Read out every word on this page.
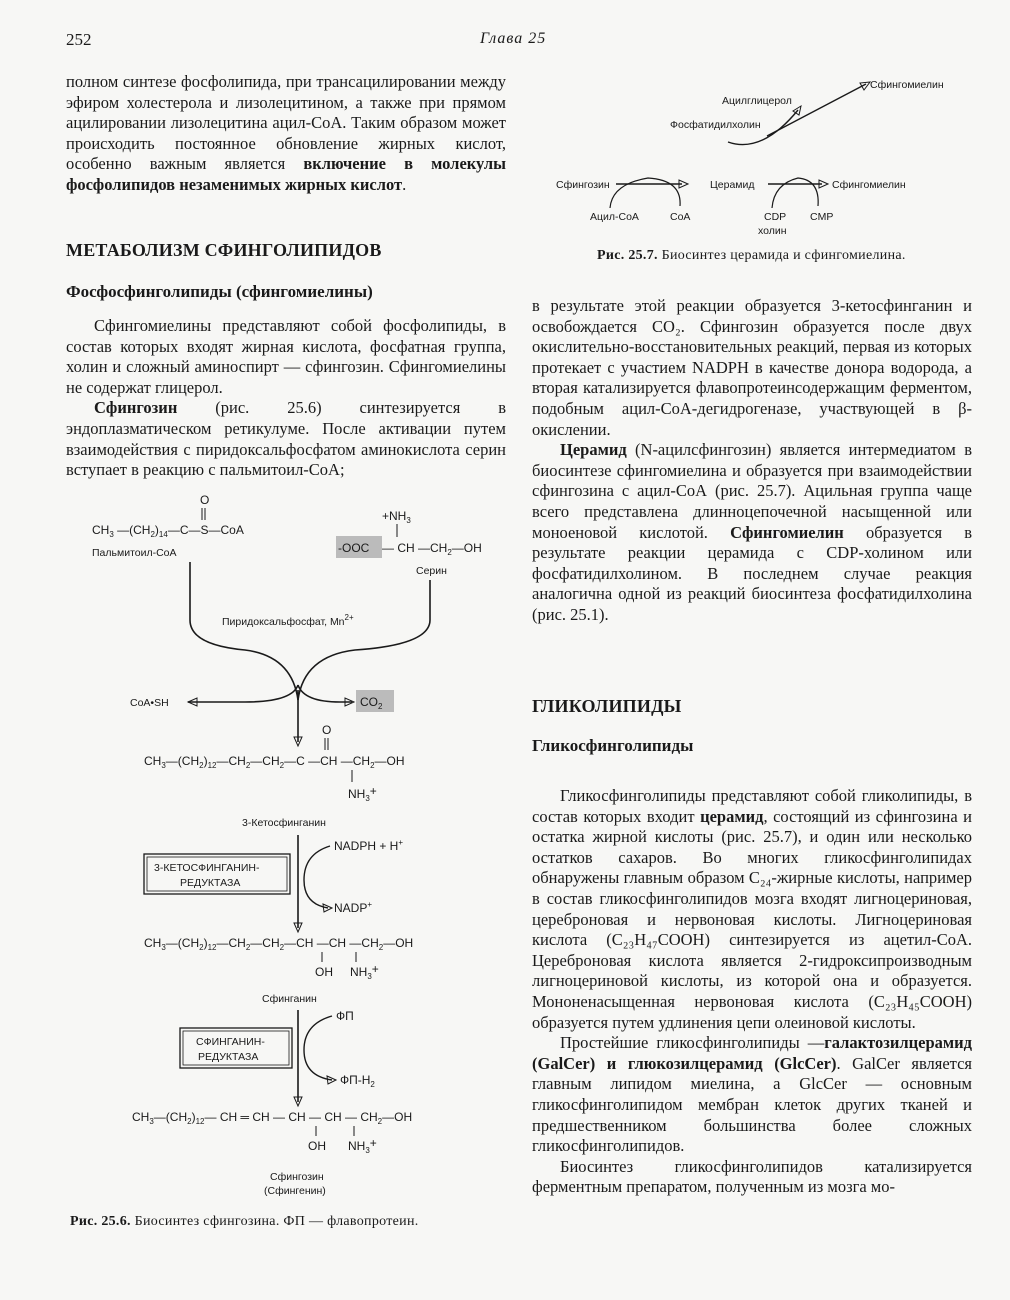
252	Глава 25

полном синтезе фосфолипида, при трансацилировании между эфиром холестерола и лизолецитином, а также при прямом ацилировании лизолецитина ацил-СоА. Таким образом может происходить постоянное обновление жирных кислот, особенно важным является включение в молекулы фосфолипидов незаменимых жирных кислот.

МЕТАБОЛИЗМ СФИНГОЛИПИДОВ
Фосфосфинголипиды (сфингомиелины)

Сфингомиелины представляют собой фосфолипиды, в состав которых входят жирная кислота, фосфатная группа, холин и сложный аминоспирт — сфингозин. Сфингомиелины не содержат глицерол.

Сфингозин (рис. 25.6) синтезируется в эндоплазматическом ретикулуме. После активации путем взаимодействия с пиридоксальфосфатом аминокислота серин вступает в реакцию с пальмитоил-СоА;

O
$CH_3$ $—(CH_2)_{14}—C—S—CoA$
Пальмитоил-СоА
$+NH_3$
-OOC — CH $—CH_2—OH$
Серин
Пиридоксальфосфат, $Mn^{2+}$
CoA•SH	$CO_2$
O
$CH_3—(CH_2)_{12}—CH_2—CH_2—C$ —CH $—CH_2—OH$
$NH_3+$
3-Кетосфинганин
3-КЕТОСФИНГАНИН-
РЕДУКТАЗА
NADPH + H+
NADP+
$CH_3—(CH_2)_{12}—CH_2—CH_2—CH$ —CH $—CH_2—OH$
OH $NH_3+$
Сфинганин
СФИНГАНИН-
РЕДУКТАЗА
ФП
$ФП-Н_2$
$CH_3—(CH_2)_{12}—$ CH ═ CH — CH — CH — $CH_2—OH$
OH $NH_3+$
Сфингозин
(Сфингенин)
Рис. 25.6. Биосинтез сфингозина. ФП — флавопротеин.
Ацилглицерол
Сфингомиелин
Фосфатидилхолин
Сфингозин
Ацил-СоА	СоА
Церамид	Сфингомиелин
CDP
холин
CMP
Рис. 25.7. Биосинтез церамида и сфингомиелина.

в результате этой реакции образуется 3-кетосфинганин и освобождается CO₂. Сфингозин образуется после двух окислительно-восстановительных реакций, первая из которых протекает с участием NADPH в качестве донора водорода, а вторая катализируется флавопротеинсодержащим ферментом, подобным ацил-СоА-дегидрогеназе, участвующей в β-окислении.

Церамид (N-ацилсфингозин) является интермедиатом в биосинтезе сфингомиелина и образуется при взаимодействии сфингозина с ацил-СоА (рис. 25.7). Ацильная группа чаще всего представлена длинноцепочечной насыщенной или моноеновой кислотой. Сфингомиелин образуется в результате реакции церамида с CDP-холином или фосфатидилхолином. В последнем случае реакция аналогична одной из реакций биосинтеза фосфатидилхолина (рис. 25.1).

ГЛИКОЛИПИДЫ
Гликосфинголипиды

Гликосфинголипиды представляют собой гликолипиды, в состав которых входит церамид, состоящий из сфингозина и остатка жирной кислоты (рис. 25.7), и один или несколько остатков сахаров. Во многих гликосфинголипидах обнаружены главным образом C₂₄-жирные кислоты, например в состав гликосфинголипидов мозга входят лигноцериновая, цереброновая и нервоновая кислоты. Лигноцериновая кислота (C₂₃H₄₇COOH) синтезируется из ацетил-СоА. Цереброновая кислота является 2-гидроксипроизводным лигноцериновой кислоты, из которой она и образуется. Мононенасыщенная нервоновая кислота (C₂₃H₄₅COOH) образуется путем удлинения цепи олеиновой кислоты.

Простейшие гликосфинголипиды —галактозилцерамид (GalCer) и глюкозилцерамид (GlcCer). GalCer является главным липидом миелина, а GlcCer — основным гликосфинголипидом мембран клеток других тканей и предшественником большинства более сложных гликосфинголипидов.

Биосинтез гликосфинголипидов катализируется ферментным препаратом, полученным из мозга мо-
